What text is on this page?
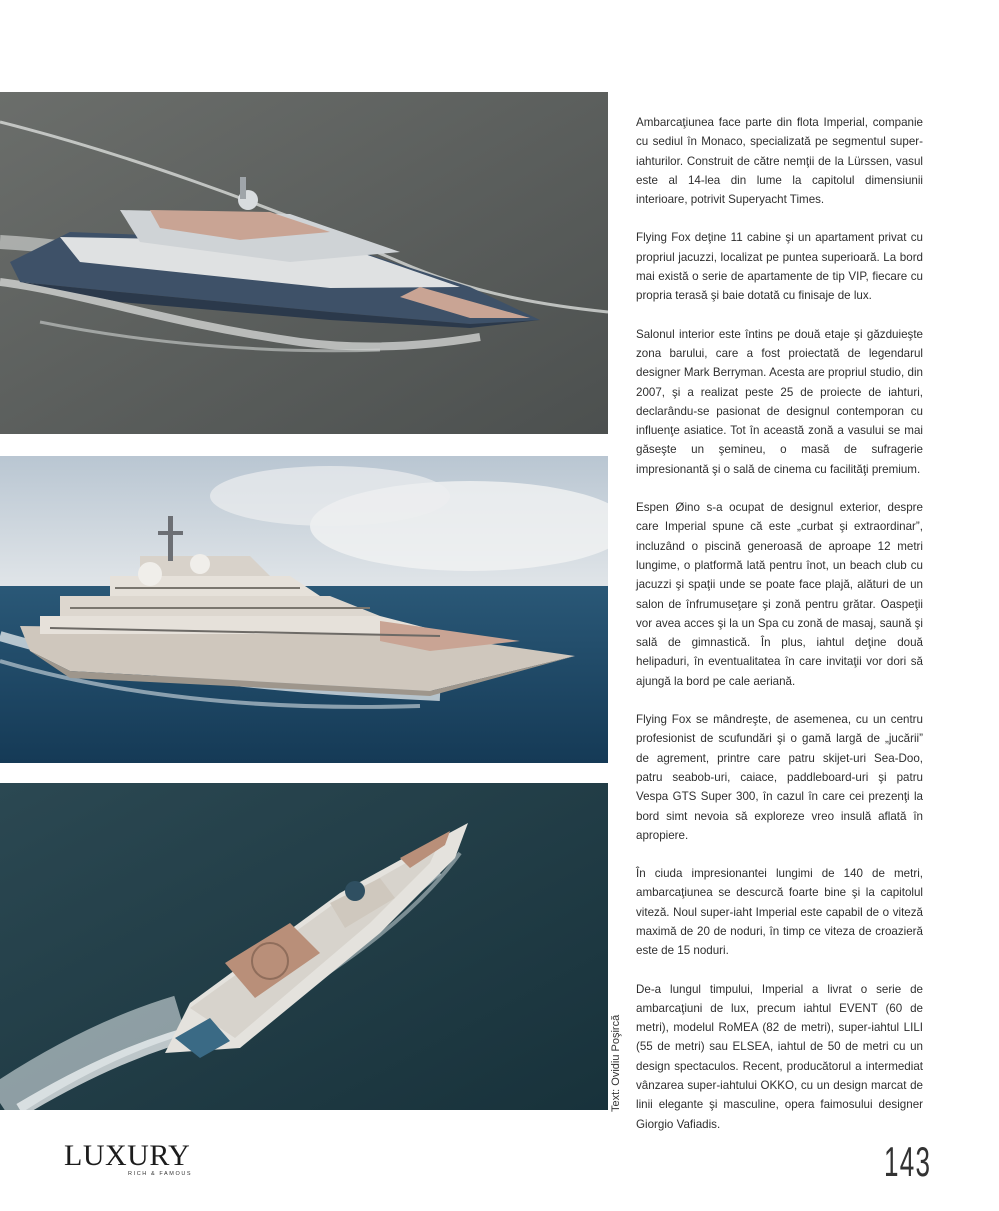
Text: Ovidiu Poşircă

Ambarcaţiunea face parte din flota Imperial, companie cu sediul în Monaco, specializată pe segmentul super-iahturilor. Construit de către nemţii de la Lürssen, vasul este al 14-lea din lume la capitolul dimensiunii interioare, potrivit Superyacht Times.

Flying Fox deţine 11 cabine şi un apartament privat cu propriul jacuzzi, localizat pe puntea superioară. La bord mai există o serie de apartamente de tip VIP, fiecare cu propria terasă şi baie dotată cu finisaje de lux.

Salonul interior este întins pe două etaje şi găzduieşte zona barului, care a fost proiectată de legendarul designer Mark Berryman. Acesta are propriul studio, din 2007, şi a realizat peste 25 de proiecte de iahturi, declarându-se pasionat de designul contemporan cu influenţe asiatice. Tot în această zonă a vasului se mai găseşte un şemineu, o masă de sufragerie impresionantă şi o sală de cinema cu facilităţi premium.

Espen Øino s-a ocupat de designul exterior, despre care Imperial spune că este „curbat şi extraordinar”, incluzând o piscină generoasă de aproape 12 metri lungime, o platformă lată pentru înot, un beach club cu jacuzzi şi spaţii unde se poate face plajă, alături de un salon de înfrumuseţare şi zonă pentru grătar. Oaspeţii vor avea acces şi la un Spa cu zonă de masaj, saună şi sală de gimnastică. În plus, iahtul deţine două helipaduri, în eventualitatea în care invitaţii vor dori să ajungă la bord pe cale aeriană.

Flying Fox se mândreşte, de asemenea, cu un centru profesionist de scufundări şi o gamă largă de „jucării” de agrement, printre care patru skijet-uri Sea-Doo, patru seabob-uri, caiace, paddleboard-uri şi patru Vespa GTS Super 300, în cazul în care cei prezenţi la bord simt nevoia să exploreze vreo insulă aflată în apropiere.

În ciuda impresionantei lungimi de 140 de metri, ambarcaţiunea se descurcă foarte bine şi la capitolul viteză. Noul super-iaht Imperial este capabil de o viteză maximă de 20 de noduri, în timp ce viteza de croazieră este de 15 noduri.

De-a lungul timpului, Imperial a livrat o serie de ambarcaţiuni de lux, precum iahtul EVENT (60 de metri), modelul RoMEA (82 de metri), super-iahtul LILI (55 de metri) sau ELSEA, iahtul de 50 de metri cu un design spectaculos. Recent, producătorul a intermediat vânzarea super-iahtului OKKO, cu un design marcat de linii elegante şi masculine, opera faimosului designer Giorgio Vafiadis.

LUXURY
RICH & FAMOUS	143
